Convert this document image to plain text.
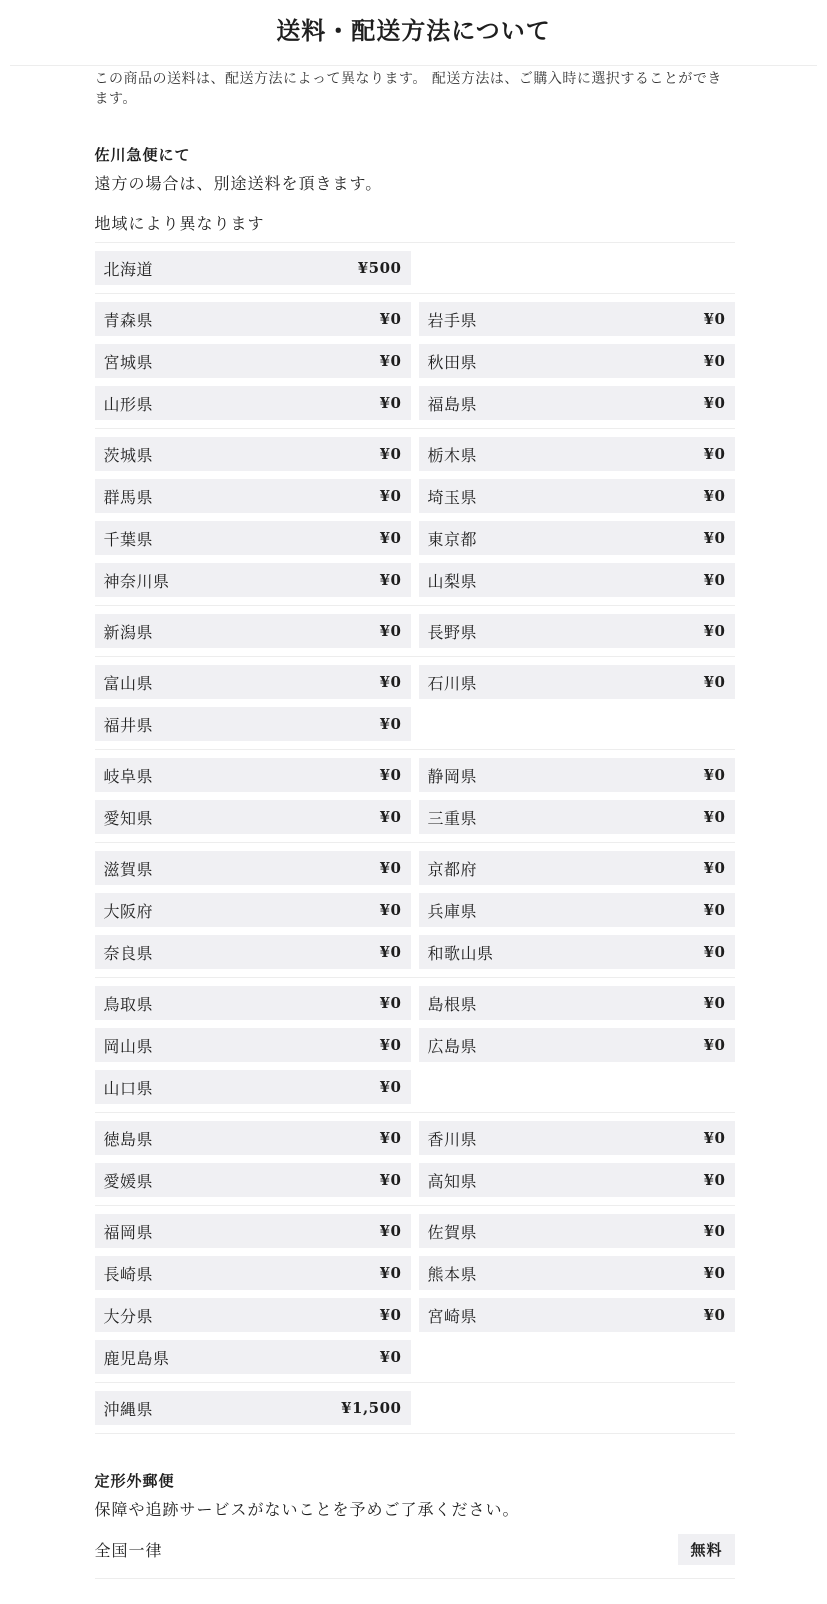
送料・配送方法について

この商品の送料は、配送方法によって異なります。 配送方法は、ご購入時に選択することができます。

佐川急便にて

遠方の場合は、別途送料を頂きます。

地域により異なります

北海道	¥500
青森県	¥0 岩手県	¥0
宮城県	¥0 秋田県	¥0
山形県	¥0 福島県	¥0
茨城県	¥0 栃木県	¥0
群馬県	¥0 埼玉県	¥0
千葉県	¥0 東京都	¥0
神奈川県	¥0 山梨県	¥0
新潟県	¥0 長野県	¥0
富山県	¥0 石川県	¥0
福井県	¥0
岐阜県	¥0 静岡県	¥0
愛知県	¥0 三重県	¥0
滋賀県	¥0 京都府	¥0
大阪府	¥0 兵庫県	¥0
奈良県	¥0 和歌山県	¥0
鳥取県	¥0 島根県	¥0
岡山県	¥0 広島県	¥0
山口県	¥0
徳島県	¥0 香川県	¥0
愛媛県	¥0 高知県	¥0
福岡県	¥0 佐賀県	¥0
長崎県	¥0 熊本県	¥0
大分県	¥0 宮崎県	¥0
鹿児島県	¥0
沖縄県	¥1,500

定形外郵便

保障や追跡サービスがないことを予めご了承ください。

全国一律	無料
